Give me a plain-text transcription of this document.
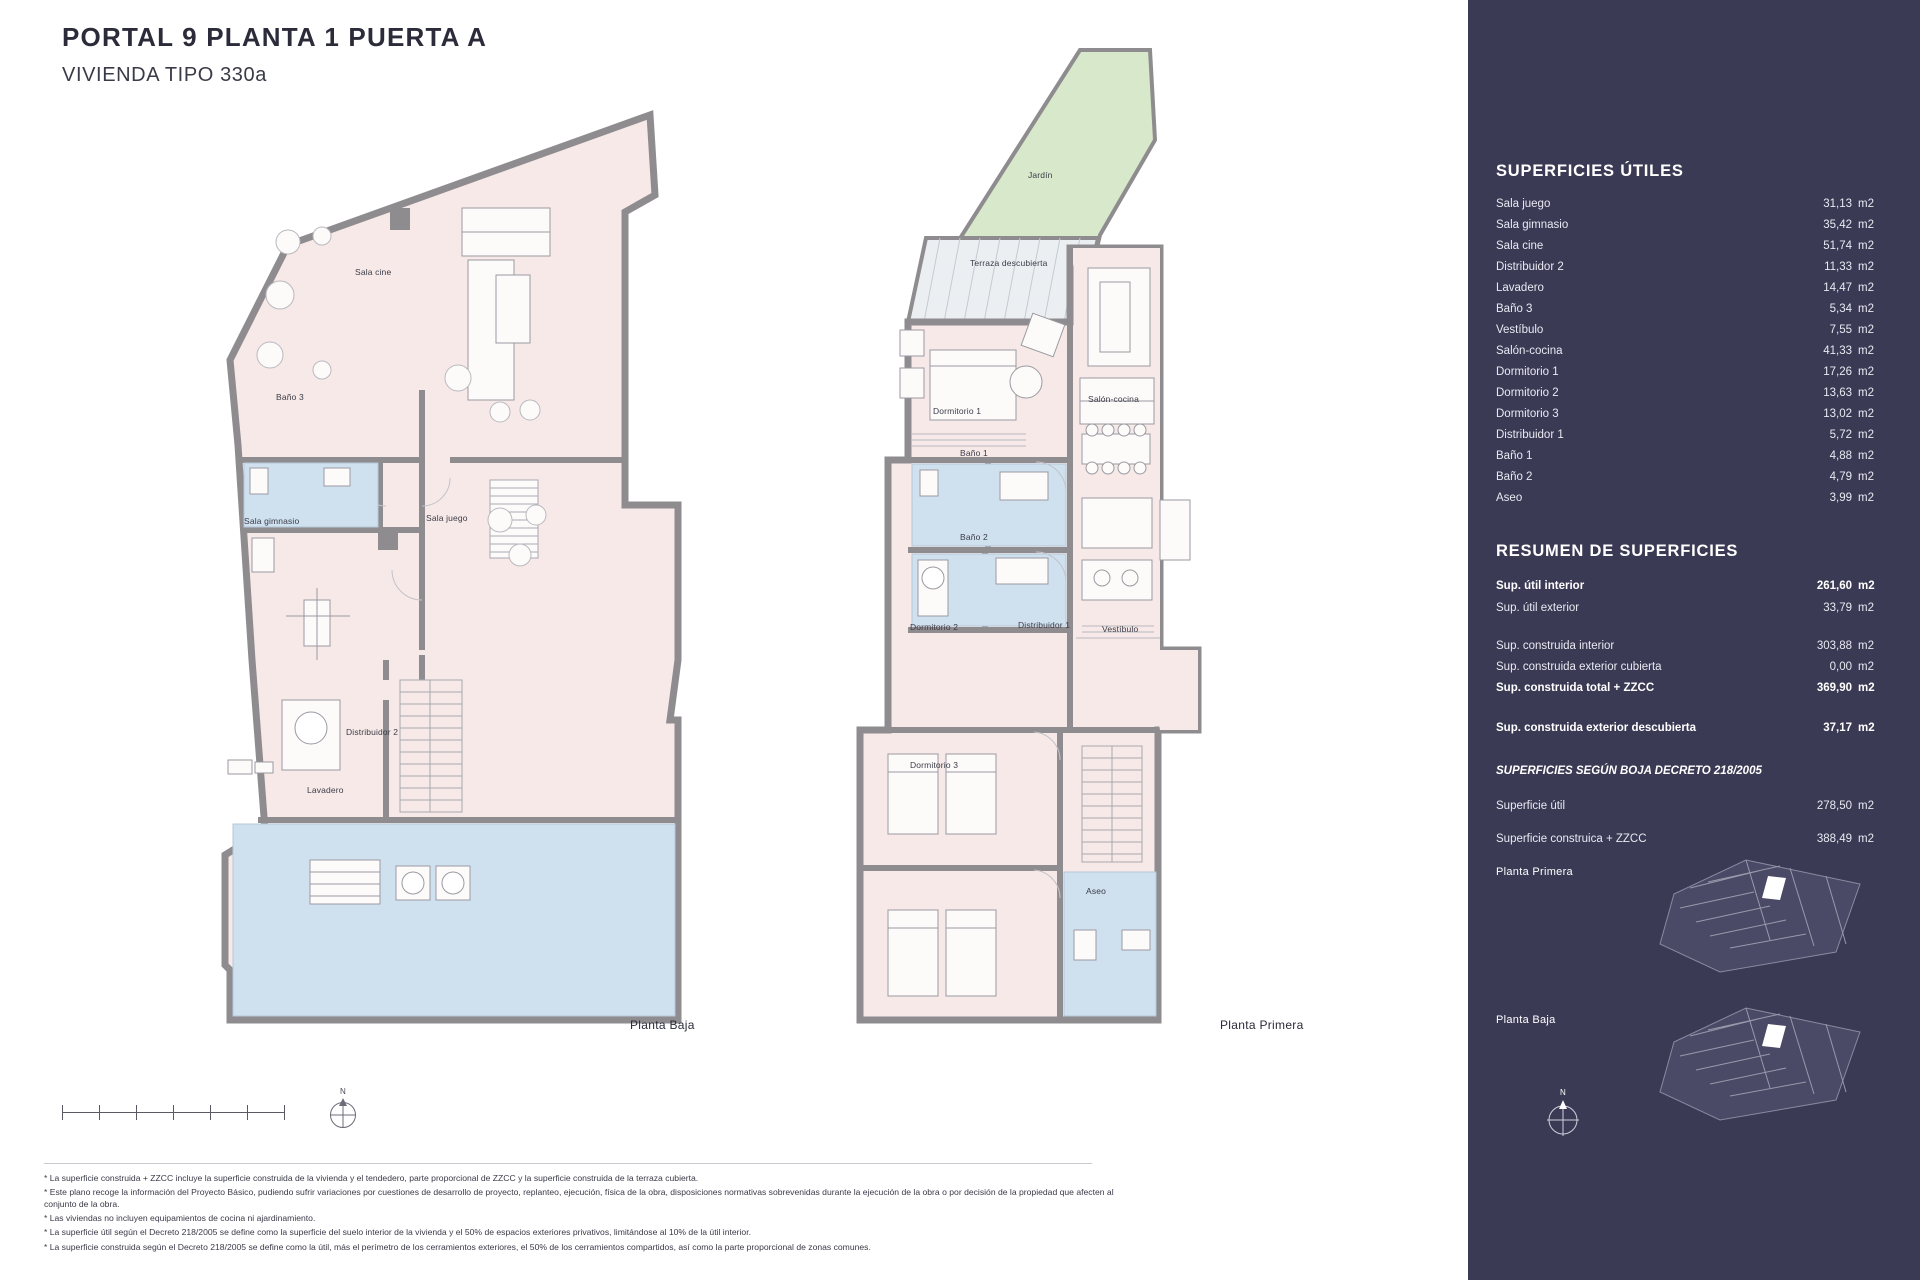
PORTAL 9 PLANTA 1 PUERTA A
VIVIENDA TIPO 330a
Sala cine
Baño 3
Sala gimnasio	Sala juego
Distribuidor 2
Lavadero
Planta Baja
Jardín
Terraza descubierta
Dormitorio 1
Salón-cocina
Baño 1
Baño 2
Distribuidor 1	Vestíbulo
Dormitorio 2
Dormitorio 3
Aseo
Planta Primera
N

* La superficie construida + ZZCC incluye la superficie construida de la vivienda y el tendedero, parte proporcional de ZZCC y la superficie construida de la terraza cubierta.

* Este plano recoge la información del Proyecto Básico, pudiendo sufrir variaciones por cuestiones de desarrollo de proyecto, replanteo, ejecución, física de la obra, disposiciones normativas sobrevenidas durante la ejecución de la obra o por decisión de la propiedad que afecten al conjunto de la obra.

* Las viviendas no incluyen equipamientos de cocina ni ajardinamiento.

* La superficie útil según el Decreto 218/2005 se define como la superficie del suelo interior de la vivienda y el 50% de espacios exteriores privativos, limitándose al 10% de la útil interior.

* La superficie construida según el Decreto 218/2005 se define como la útil, más el perímetro de los cerramientos exteriores, el 50% de los cerramientos compartidos, así como la parte proporcional de zonas comunes.

SUPERFICIES ÚTILES
Sala juego	31,13 m2
Sala gimnasio	35,42 m2
Sala cine	51,74 m2
Distribuidor 2	11,33 m2
Lavadero	14,47 m2
Baño 3	5,34 m2
Vestíbulo	7,55 m2
Salón-cocina	41,33 m2
Dormitorio 1	17,26 m2
Dormitorio 2	13,63 m2
Dormitorio 3	13,02 m2
Distribuidor 1	5,72 m2
Baño 1	4,88 m2
Baño 2	4,79 m2
Aseo	3,99 m2
RESUMEN DE SUPERFICIES
Sup. útil interior	261,60 m2
Sup. útil exterior	33,79 m2
Sup. construida interior	303,88 m2
Sup. construida exterior cubierta	0,00 m2
Sup. construida total + ZZCC	369,90 m2
Sup. construida exterior descubierta	37,17 m2
SUPERFICIES SEGÚN BOJA DECRETO 218/2005
Superficie útil	278,50 m2
Superficie construica + ZZCC	388,49 m2
Planta Primera
Planta Baja
N
